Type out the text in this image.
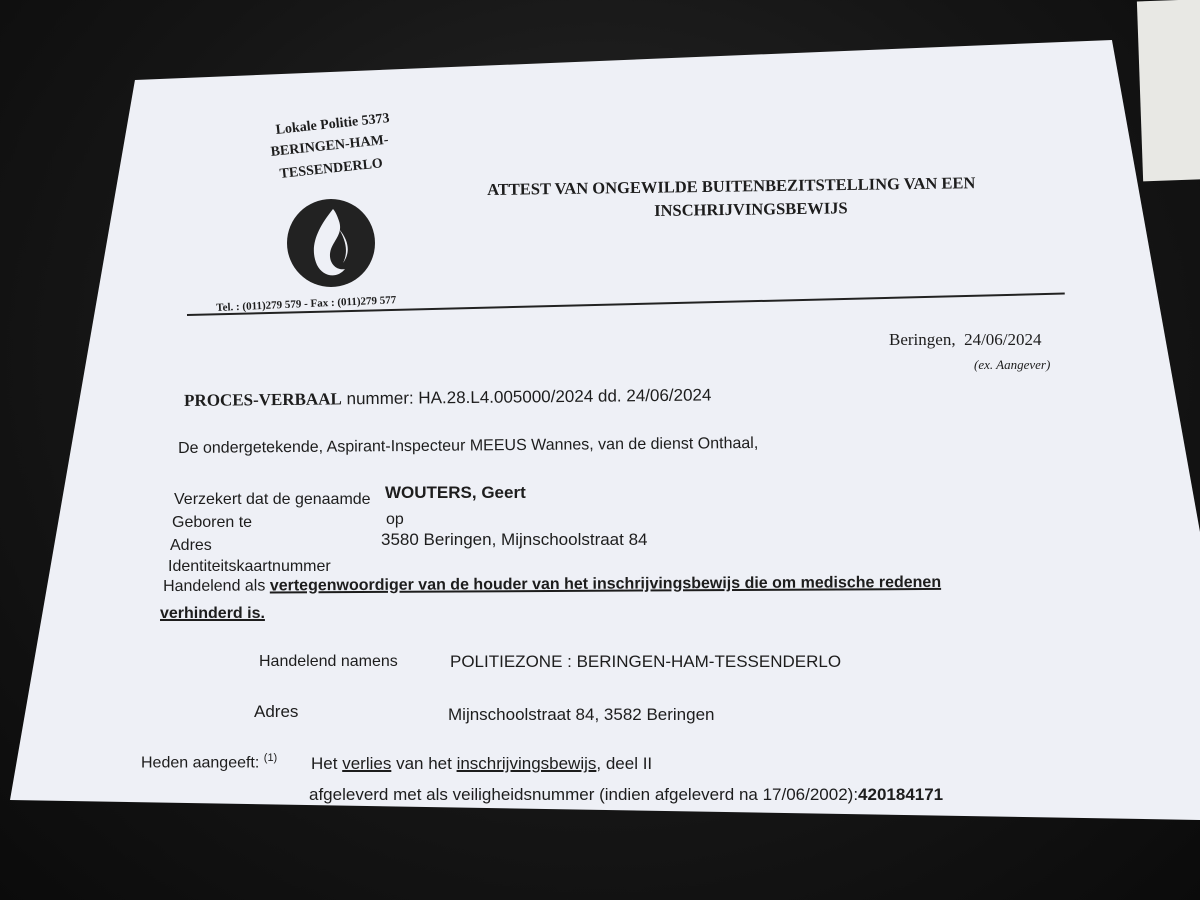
Lokale Politie 5373
BERINGEN-HAM-
TESSENDERLO
Tel. : (011)279 579 - Fax : (011)279 577
ATTEST VAN ONGEWILDE BUITENBEZITSTELLING VAN EEN
INSCHRIJVINGSBEWIJS
Beringen,  24/06/2024
(ex. Aangever)
PROCES-VERBAAL nummer: HA.28.L4.005000/2024 dd. 24/06/2024
De ondergetekende, Aspirant-Inspecteur MEEUS Wannes, van de dienst Onthaal,
Verzekert dat de genaamde WOUTERS, Geert
Geboren te	op
Adres	3580 Beringen, Mijnschoolstraat 84
Identiteitskaartnummer
Handelend als vertegenwoordiger van de houder van het inschrijvingsbewijs die om medische redenen
verhinderd is.
Handelend namens	POLITIEZONE : BERINGEN-HAM-TESSENDERLO
Adres	Mijnschoolstraat 84, 3582 Beringen
Heden aangeeft: $^{(1)}$ Het verlies van het inschrijvingsbewijs, deel II
afgeleverd met als veiligheidsnummer (indien afgeleverd na 17/06/2002):420184171
